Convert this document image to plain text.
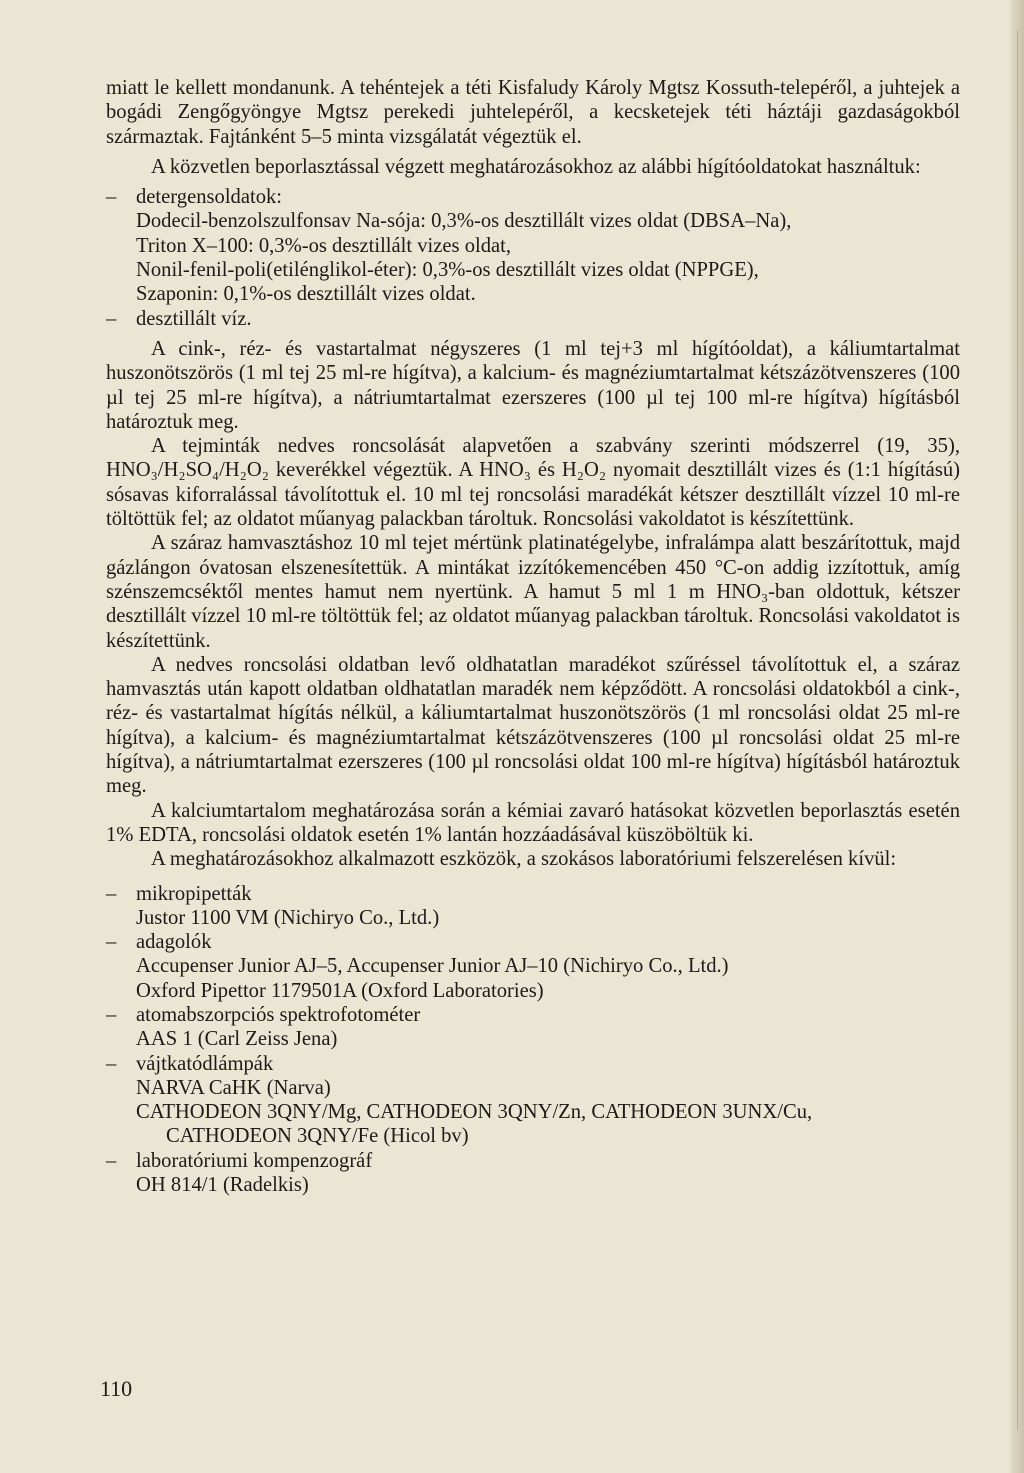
miatt le kellett mondanunk. A tehéntejek a téti Kisfaludy Károly Mgtsz Kossuth-telepéről, a juhtejek a bogádi Zengőgyöngye Mgtsz perekedi juhtelepéről, a kecsketejek téti háztáji gazdaságokból származtak. Fajtánként 5–5 minta vizsgálatát végeztük el.

A közvetlen beporlasztással végzett meghatározásokhoz az alábbi hígítóoldatokat használtuk:

– detergensoldatok:
Dodecil-benzolszulfonsav Na-sója: 0,3%-os desztillált vizes oldat (DBSA–Na),
Triton X–100: 0,3%-os desztillált vizes oldat,
Nonil-fenil-poli(etilénglikol-éter): 0,3%-os desztillált vizes oldat (NPPGE),
Szaponin: 0,1%-os desztillált vizes oldat.
– desztillált víz.

A cink-, réz- és vastartalmat négyszeres (1 ml tej+3 ml hígítóoldat), a káliumtartalmat huszonötszörös (1 ml tej 25 ml-re hígítva), a kalcium- és magnéziumtartalmat kétszázötvenszeres (100 µl tej 25 ml-re hígítva), a nátriumtartalmat ezerszeres (100 µl tej 100 ml-re hígítva) hígításból határoztuk meg.

A tejminták nedves roncsolását alapvetően a szabvány szerinti módszerrel (19, 35), HNO₃/H₂SO₄/H₂O₂ keverékkel végeztük. A HNO₃ és H₂O₂ nyomait desztillált vizes és (1:1 hígítású) sósavas kiforralással távolítottuk el. 10 ml tej roncsolási maradékát kétszer desztillált vízzel 10 ml-re töltöttük fel; az oldatot műanyag palackban tároltuk. Roncsolási vakoldatot is készítettünk.

A száraz hamvasztáshoz 10 ml tejet mértünk platinatégelybe, infralámpa alatt beszárítottuk, majd gázlángon óvatosan elszenesítettük. A mintákat izzítókemencében 450 °C-on addig izzítottuk, amíg szénszemcséktől mentes hamut nem nyertünk. A hamut 5 ml 1 m HNO₃-ban oldottuk, kétszer desztillált vízzel 10 ml-re töltöttük fel; az oldatot műanyag palackban tároltuk. Roncsolási vakoldatot is készítettünk.

A nedves roncsolási oldatban levő oldhatatlan maradékot szűréssel távolítottuk el, a száraz hamvasztás után kapott oldatban oldhatatlan maradék nem képződött. A roncsolási oldatokból a cink-, réz- és vastartalmat hígítás nélkül, a káliumtartalmat huszonötszörös (1 ml roncsolási oldat 25 ml-re hígítva), a kalcium- és magnéziumtartalmat kétszázötvenszeres (100 µl roncsolási oldat 25 ml-re hígítva), a nátriumtartalmat ezerszeres (100 µl roncsolási oldat 100 ml-re hígítva) hígításból határoztuk meg.

A kalciumtartalom meghatározása során a kémiai zavaró hatásokat közvetlen beporlasztás esetén 1% EDTA, roncsolási oldatok esetén 1% lantán hozzáadásával küszöböltük ki.

A meghatározásokhoz alkalmazott eszközök, a szokásos laboratóriumi felszerelésen kívül:

– mikropipetták
Justor 1100 VM (Nichiryo Co., Ltd.)
– adagolók
Accupenser Junior AJ–5, Accupenser Junior AJ–10 (Nichiryo Co., Ltd.)
Oxford Pipettor 1179501A (Oxford Laboratories)
– atomabszorpciós spektrofotométer
AAS 1 (Carl Zeiss Jena)
– vájtkatódlámpák
NARVA CaHK (Narva)
CATHODEON 3QNY/Mg, CATHODEON 3QNY/Zn, CATHODEON 3UNX/Cu,
CATHODEON 3QNY/Fe (Hicol bv)
– laboratóriumi kompenzográf
OH 814/1 (Radelkis)
110
